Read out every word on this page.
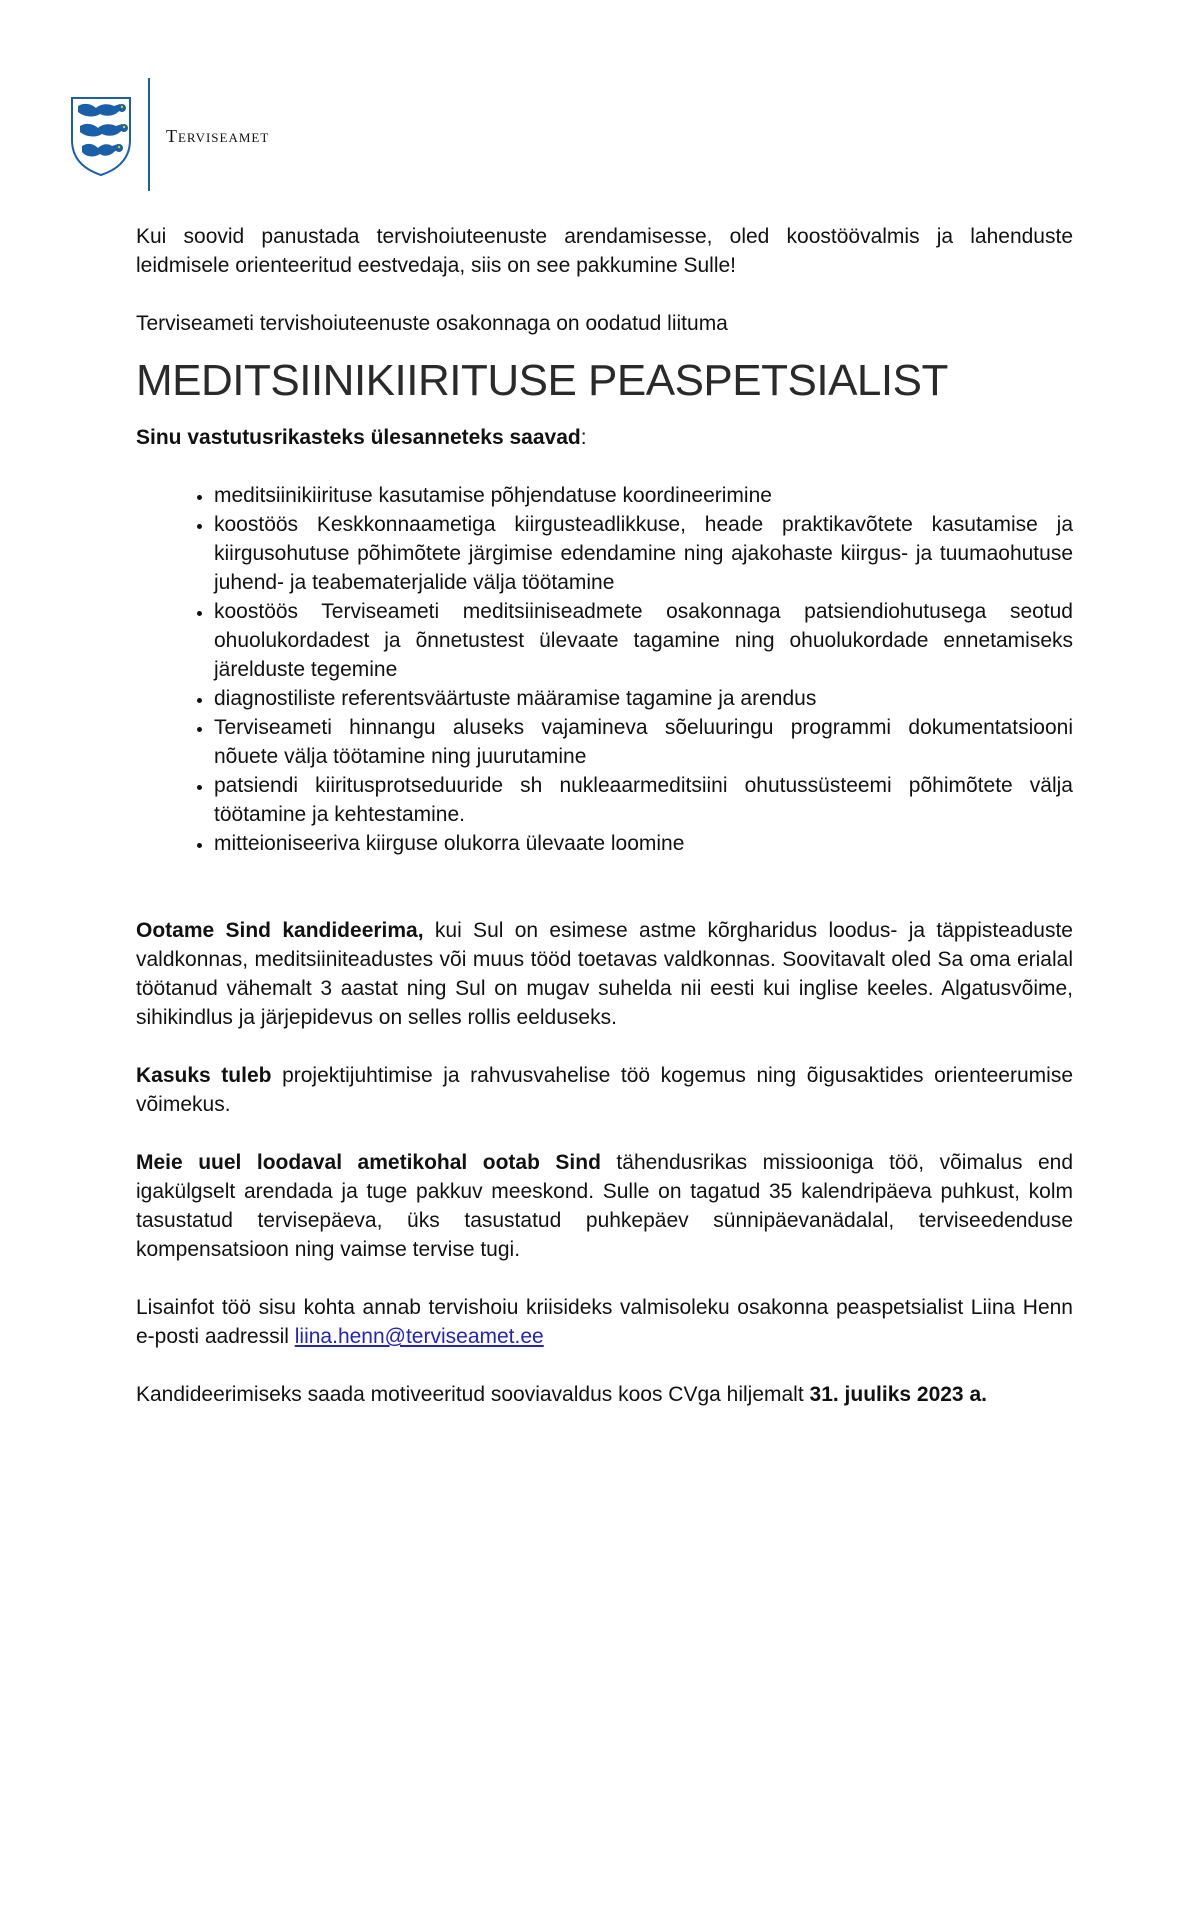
Terviseamet

Kui soovid panustada tervishoiuteenuste arendamisesse, oled koostöövalmis ja lahenduste leidmisele orienteeritud eestvedaja, siis on see pakkumine Sulle!

Terviseameti tervishoiuteenuste osakonnaga on oodatud liituma

MEDITSIINIKIIRITUSE PEASPETSIALIST

Sinu vastutusrikasteks ülesanneteks saavad:

• meditsiinikiirituse kasutamise põhjendatuse koordineerimine
• koostöös Keskkonnaametiga kiirgusteadlikkuse, heade praktikavõtete kasutamise ja kiirgusohutuse põhimõtete järgimise edendamine ning ajakohaste kiirgus- ja tuumaohutuse juhend- ja teabematerjalide välja töötamine
• koostöös Terviseameti meditsiiniseadmete osakonnaga patsiendiohutusega seotud ohuolukordadest ja õnnetustest ülevaate tagamine ning ohuolukordade ennetamiseks järelduste tegemine
• diagnostiliste referentsväärtuste määramise tagamine ja arendus
• Terviseameti hinnangu aluseks vajamineva sõeluuringu programmi dokumentatsiooni nõuete välja töötamine ning juurutamine
• patsiendi kiiritusprotseduuride sh nukleaarmeditsiini ohutussüsteemi põhimõtete välja töötamine ja kehtestamine.
• mitteioniseeriva kiirguse olukorra ülevaate loomine

Ootame Sind kandideerima, kui Sul on esimese astme kõrgharidus loodus- ja täppisteaduste valdkonnas, meditsiiniteadustes või muus tööd toetavas valdkonnas. Soovitavalt oled Sa oma erialal töötanud vähemalt 3 aastat ning Sul on mugav suhelda nii eesti kui inglise keeles. Algatusvõime, sihikindlus ja järjepidevus on selles rollis eelduseks.

Kasuks tuleb projektijuhtimise ja rahvusvahelise töö kogemus ning õigusaktides orienteerumise võimekus.

Meie uuel loodaval ametikohal ootab Sind tähendusrikas missiooniga töö, võimalus end igakülgselt arendada ja tuge pakkuv meeskond. Sulle on tagatud 35 kalendripäeva puhkust, kolm tasustatud tervisepäeva, üks tasustatud puhkepäev sünnipäevanädalal, terviseedenduse kompensatsioon ning vaimse tervise tugi.

Lisainfot töö sisu kohta annab tervishoiu kriisideks valmisoleku osakonna peaspetsialist Liina Henn e-posti aadressil liina.henn@terviseamet.ee

Kandideerimiseks saada motiveeritud sooviavaldus koos CVga hiljemalt 31. juuliks 2023 a.
